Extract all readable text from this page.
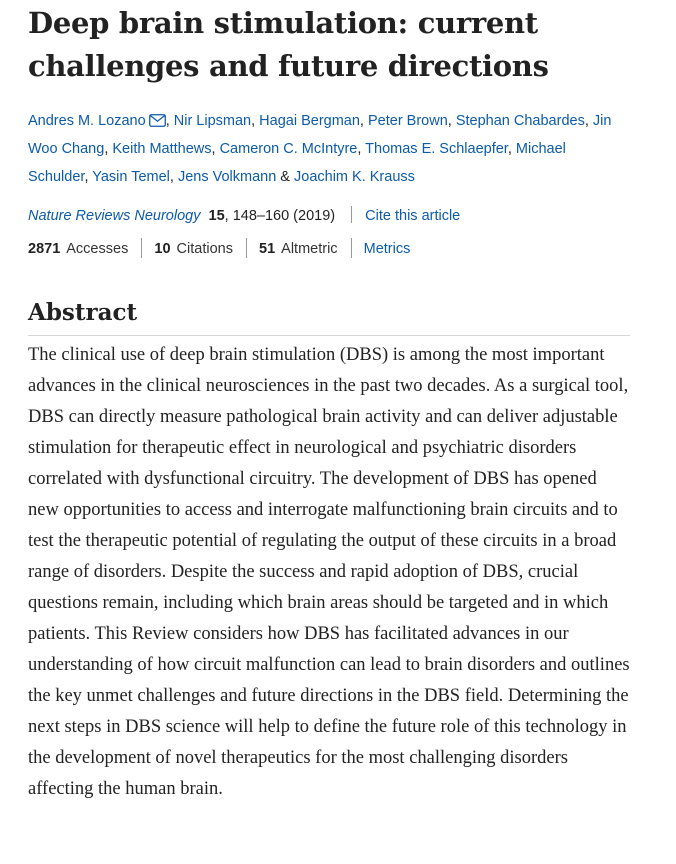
Deep brain stimulation: current challenges and future directions
Andres M. Lozano , Nir Lipsman, Hagai Bergman, Peter Brown, Stephan Chabardes, Jin Woo Chang, Keith Matthews, Cameron C. McIntyre, Thomas E. Schlaepfer, Michael Schulder, Yasin Temel, Jens Volkmann & Joachim K. Krauss
Nature Reviews Neurology 15, 148–160 (2019) Cite this article
2871 Accesses 10 Citations 51 Altmetric Metrics
Abstract

The clinical use of deep brain stimulation (DBS) is among the most important advances in the clinical neurosciences in the past two decades. As a surgical tool, DBS can directly measure pathological brain activity and can deliver adjustable stimulation for therapeutic effect in neurological and psychiatric disorders correlated with dysfunctional circuitry. The development of DBS has opened new opportunities to access and interrogate malfunctioning brain circuits and to test the therapeutic potential of regulating the output of these circuits in a broad range of disorders. Despite the success and rapid adoption of DBS, crucial questions remain, including which brain areas should be targeted and in which patients. This Review considers how DBS has facilitated advances in our understanding of how circuit malfunction can lead to brain disorders and outlines the key unmet challenges and future directions in the DBS field. Determining the next steps in DBS science will help to define the future role of this technology in the development of novel therapeutics for the most challenging disorders affecting the human brain.
